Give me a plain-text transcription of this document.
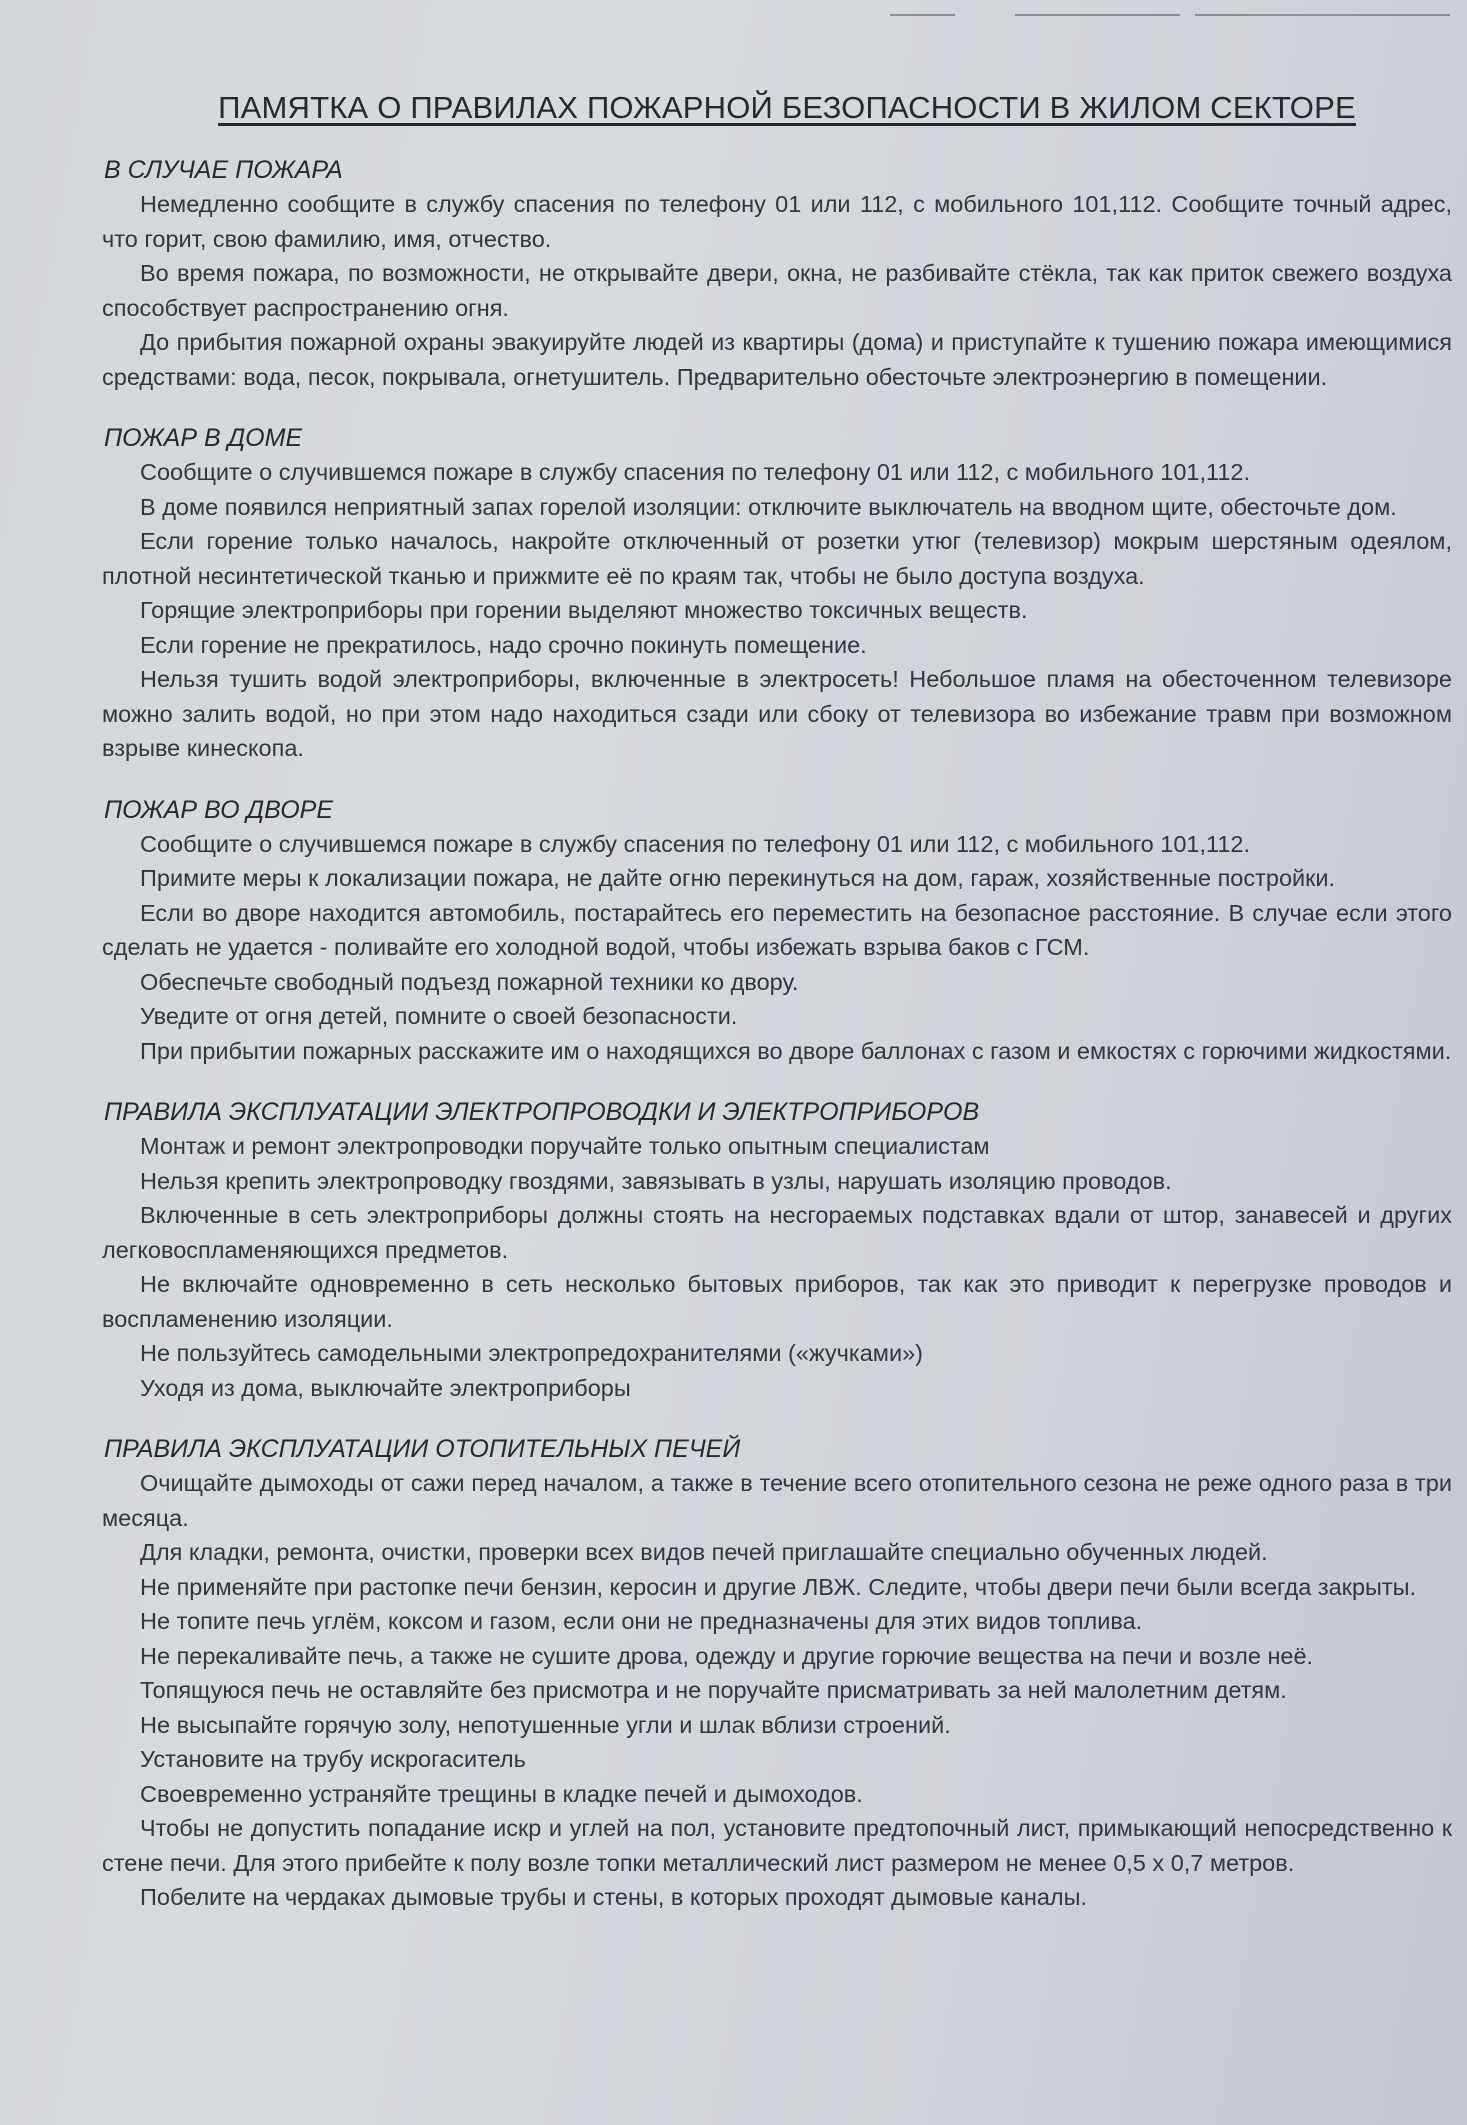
ПАМЯТКА О ПРАВИЛАХ ПОЖАРНОЙ БЕЗОПАСНОСТИ В ЖИЛОМ СЕКТОРЕ
В СЛУЧАЕ ПОЖАРА

Немедленно сообщите в службу спасения по телефону 01 или 112, с мобильного 101,112. Сообщите точный адрес, что горит, свою фамилию, имя, отчество.

Во время пожара, по возможности, не открывайте двери, окна, не разбивайте стёкла, так как приток свежего воздуха способствует распространению огня.

До прибытия пожарной охраны эвакуируйте людей из квартиры (дома) и приступайте к тушению пожара имеющимися средствами: вода, песок, покрывала, огнетушитель. Предварительно обесточьте электроэнергию в помещении.

ПОЖАР В ДОМЕ

Сообщите о случившемся пожаре в службу спасения по телефону 01 или 112, с мобильного 101,112.

В доме появился неприятный запах горелой изоляции: отключите выключатель на вводном щите, обесточьте дом.

Если горение только началось, накройте отключенный от розетки утюг (телевизор) мокрым шерстяным одеялом, плотной несинтетической тканью и прижмите её по краям так, чтобы не было доступа воздуха.

Горящие электроприборы при горении выделяют множество токсичных веществ.

Если горение не прекратилось, надо срочно покинуть помещение.

Нельзя тушить водой электроприборы, включенные в электросеть! Небольшое пламя на обесточенном телевизоре можно залить водой, но при этом надо находиться сзади или сбоку от телевизора во избежание травм при возможном взрыве кинескопа.

ПОЖАР ВО ДВОРЕ

Сообщите о случившемся пожаре в службу спасения по телефону 01 или 112, с мобильного 101,112.

Примите меры к локализации пожара, не дайте огню перекинуться на дом, гараж, хозяйственные постройки.

Если во дворе находится автомобиль, постарайтесь его переместить на безопасное расстояние. В случае если этого сделать не удается - поливайте его холодной водой, чтобы избежать взрыва баков с ГСМ.

Обеспечьте свободный подъезд пожарной техники ко двору.

Уведите от огня детей, помните о своей безопасности.

При прибытии пожарных расскажите им о находящихся во дворе баллонах с газом и емкостях с горючими жидкостями.

ПРАВИЛА ЭКСПЛУАТАЦИИ ЭЛЕКТРОПРОВОДКИ И ЭЛЕКТРОПРИБОРОВ

Монтаж и ремонт электропроводки поручайте только опытным специалистам

Нельзя крепить электропроводку гвоздями, завязывать в узлы, нарушать изоляцию проводов.

Включенные в сеть электроприборы должны стоять на несгораемых подставках вдали от штор, занавесей и других легковоспламеняющихся предметов.

Не включайте одновременно в сеть несколько бытовых приборов, так как это приводит к перегрузке проводов и воспламенению изоляции.

Не пользуйтесь самодельными электропредохранителями («жучками»)

Уходя из дома, выключайте электроприборы

ПРАВИЛА ЭКСПЛУАТАЦИИ ОТОПИТЕЛЬНЫХ ПЕЧЕЙ

Очищайте дымоходы от сажи перед началом, а также в течение всего отопительного сезона не реже одного раза в три месяца.

Для кладки, ремонта, очистки, проверки всех видов печей приглашайте специально обученных людей.

Не применяйте при растопке печи бензин, керосин и другие ЛВЖ. Следите, чтобы двери печи были всегда закрыты.

Не топите печь углём, коксом и газом, если они не предназначены для этих видов топлива.

Не перекаливайте печь, а также не сушите дрова, одежду и другие горючие вещества на печи и возле неё.

Топящуюся печь не оставляйте без присмотра и не поручайте присматривать за ней малолетним детям.

Не высыпайте горячую золу, непотушенные угли и шлак вблизи строений.

Установите на трубу искрогаситель

Своевременно устраняйте трещины в кладке печей и дымоходов.

Чтобы не допустить попадание искр и углей на пол, установите предтопочный лист, примыкающий непосредственно к стене печи. Для этого прибейте к полу возле топки металлический лист размером не менее 0,5 х 0,7 метров.

Побелите на чердаках дымовые трубы и стены, в которых проходят дымовые каналы.
